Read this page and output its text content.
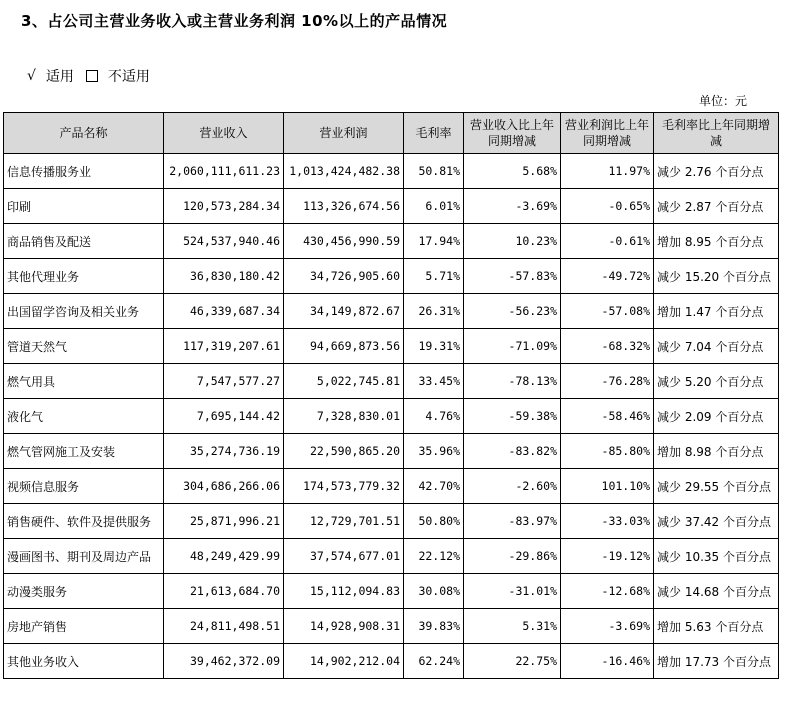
3、占公司主营业务收入或主营业务利润 10%以上的产品情况
√ 适用 不适用
单位：元
产品名称	营业收入	营业利润	毛利率	营业收入比上年同期增减	营业利润比上年同期增减	毛利率比上年同期增减
信息传播服务业	2,060,111,611.23	1,013,424,482.38	50.81%	5.68%	11.97%	减少 2.76 个百分点
印刷	120,573,284.34	113,326,674.56	6.01%	-3.69%	-0.65%	减少 2.87 个百分点
商品销售及配送	524,537,940.46	430,456,990.59	17.94%	10.23%	-0.61%	增加 8.95 个百分点
其他代理业务	36,830,180.42	34,726,905.60	5.71%	-57.83%	-49.72%	减少 15.20 个百分点
出国留学咨询及相关业务	46,339,687.34	34,149,872.67	26.31%	-56.23%	-57.08%	增加 1.47 个百分点
管道天然气	117,319,207.61	94,669,873.56	19.31%	-71.09%	-68.32%	减少 7.04 个百分点
燃气用具	7,547,577.27	5,022,745.81	33.45%	-78.13%	-76.28%	减少 5.20 个百分点
液化气	7,695,144.42	7,328,830.01	4.76%	-59.38%	-58.46%	减少 2.09 个百分点
燃气管网施工及安装	35,274,736.19	22,590,865.20	35.96%	-83.82%	-85.80%	增加 8.98 个百分点
视频信息服务	304,686,266.06	174,573,779.32	42.70%	-2.60%	101.10%	减少 29.55 个百分点
销售硬件、软件及提供服务	25,871,996.21	12,729,701.51	50.80%	-83.97%	-33.03%	减少 37.42 个百分点
漫画图书、期刊及周边产品	48,249,429.99	37,574,677.01	22.12%	-29.86%	-19.12%	减少 10.35 个百分点
动漫类服务	21,613,684.70	15,112,094.83	30.08%	-31.01%	-12.68%	减少 14.68 个百分点
房地产销售	24,811,498.51	14,928,908.31	39.83%	5.31%	-3.69%	增加 5.63 个百分点
其他业务收入	39,462,372.09	14,902,212.04	62.24%	22.75%	-16.46%	增加 17.73 个百分点
